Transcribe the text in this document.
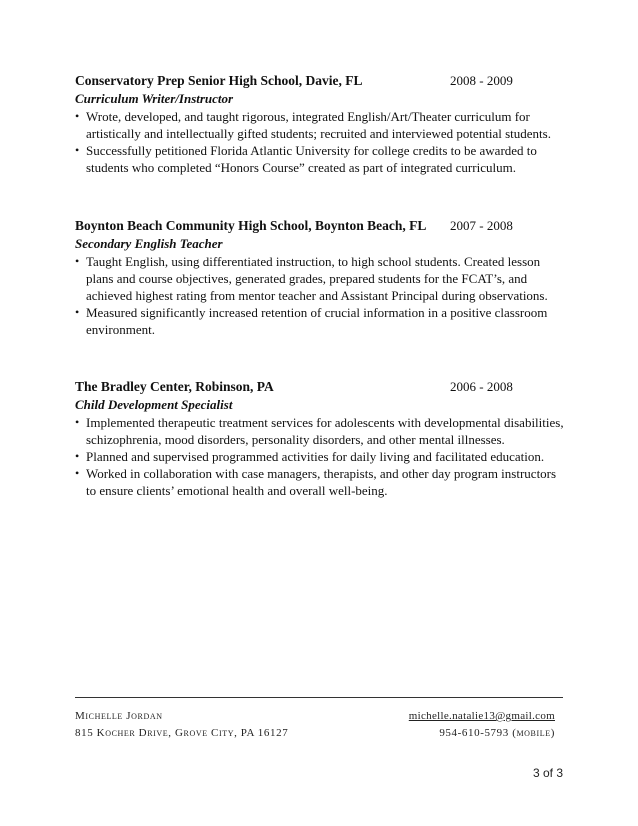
Conservatory Prep Senior High School, Davie, FL	2008 - 2009
Curriculum Writer/Instructor
• Wrote, developed, and taught rigorous, integrated English/Art/Theater curriculum for artistically and intellectually gifted students; recruited and interviewed potential students.
• Successfully petitioned Florida Atlantic University for college credits to be awarded to students who completed “Honors Course” created as part of integrated curriculum.
Boynton Beach Community High School, Boynton Beach, FL 2007 - 2008
Secondary English Teacher
• Taught English, using differentiated instruction, to high school students. Created lesson plans and course objectives, generated grades, prepared students for the FCAT’s, and achieved highest rating from mentor teacher and Assistant Principal during observations.
• Measured significantly increased retention of crucial information in a positive classroom environment.
The Bradley Center, Robinson, PA	2006 - 2008
Child Development Specialist
• Implemented therapeutic treatment services for adolescents with developmental disabilities, schizophrenia, mood disorders, personality disorders, and other mental illnesses.
• Planned and supervised programmed activities for daily living and facilitated education.
• Worked in collaboration with case managers, therapists, and other day program instructors to ensure clients’ emotional health and overall well-being.
Michelle Jordan	michelle.natalie13@gmail.com
815 Kocher Drive, Grove City, PA 16127	954-610-5793 (mobile)
3 of 3
